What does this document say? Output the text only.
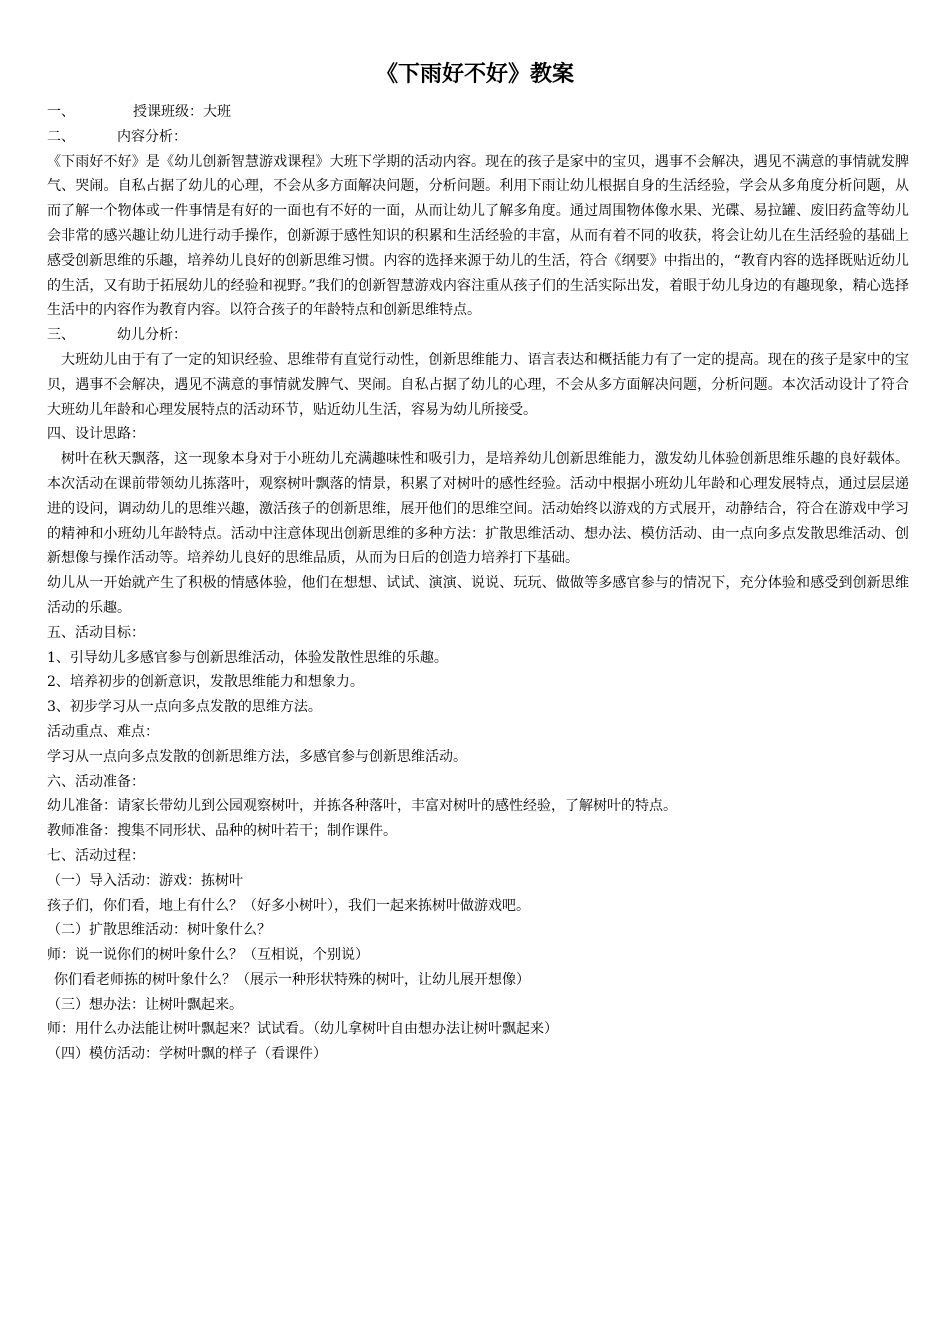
《下雨好不好》教案

一、	授课班级：大班

二、	内容分析：

《下雨好不好》是《幼儿创新智慧游戏课程》大班下学期的活动内容。现在的孩子是家中的宝贝，遇事不会解决，遇见不满意的事情就发脾气、哭闹。自私占据了幼儿的心理，不会从多方面解决问题，分析问题。利用下雨让幼儿根据自身的生活经验，学会从多角度分析问题，从而了解一个物体或一件事情是有好的一面也有不好的一面，从而让幼儿了解多角度。通过周围物体像水果、光碟、易拉罐、废旧药盒等幼儿会非常的感兴趣让幼儿进行动手操作，创新源于感性知识的积累和生活经验的丰富，从而有着不同的收获，将会让幼儿在生活经验的基础上感受创新思维的乐趣，培养幼儿良好的创新思维习惯。内容的选择来源于幼儿的生活，符合《纲要》中指出的，“教育内容的选择既贴近幼儿的生活，又有助于拓展幼儿的经验和视野。”我们的创新智慧游戏内容注重从孩子们的生活实际出发，着眼于幼儿身边的有趣现象，精心选择生活中的内容作为教育内容。以符合孩子的年龄特点和创新思维特点。

三、	幼儿分析：

大班幼儿由于有了一定的知识经验、思维带有直觉行动性，创新思维能力、语言表达和概括能力有了一定的提高。现在的孩子是家中的宝贝，遇事不会解决，遇见不满意的事情就发脾气、哭闹。自私占据了幼儿的心理，不会从多方面解决问题，分析问题。本次活动设计了符合大班幼儿年龄和心理发展特点的活动环节，贴近幼儿生活，容易为幼儿所接受。

四、设计思路：

树叶在秋天飘落，这一现象本身对于小班幼儿充满趣味性和吸引力，是培养幼儿创新思维能力，激发幼儿体验创新思维乐趣的良好载体。本次活动在课前带领幼儿拣落叶，观察树叶飘落的情景，积累了对树叶的感性经验。活动中根据小班幼儿年龄和心理发展特点，通过层层递进的设问，调动幼儿的思维兴趣，激活孩子的创新思维，展开他们的思维空间。活动始终以游戏的方式展开，动静结合，符合在游戏中学习的精神和小班幼儿年龄特点。活动中注意体现出创新思维的多种方法：扩散思维活动、想办法、模仿活动、由一点向多点发散思维活动、创新想像与操作活动等。培养幼儿良好的思维品质，从而为日后的创造力培养打下基础。

幼儿从一开始就产生了积极的情感体验，他们在想想、试试、演演、说说、玩玩、做做等多感官参与的情况下，充分体验和感受到创新思维活动的乐趣。

五、活动目标：

1、引导幼儿多感官参与创新思维活动，体验发散性思维的乐趣。

2、培养初步的创新意识，发散思维能力和想象力。

3、初步学习从一点向多点发散的思维方法。

活动重点、难点：

学习从一点向多点发散的创新思维方法，多感官参与创新思维活动。

六、活动准备：

幼儿准备：请家长带幼儿到公园观察树叶，并拣各种落叶，丰富对树叶的感性经验，了解树叶的特点。

教师准备：搜集不同形状、品种的树叶若干；制作课件。

七、活动过程：

（一）导入活动：游戏：拣树叶

孩子们，你们看，地上有什么？（好多小树叶），我们一起来拣树叶做游戏吧。

（二）扩散思维活动：树叶象什么？

师：说一说你们的树叶象什么？（互相说，个别说）

你们看老师拣的树叶象什么？（展示一种形状特殊的树叶，让幼儿展开想像）

（三）想办法：让树叶飘起来。

师：用什么办法能让树叶飘起来？试试看。（幼儿拿树叶自由想办法让树叶飘起来）

（四）模仿活动：学树叶飘的样子（看课件）
